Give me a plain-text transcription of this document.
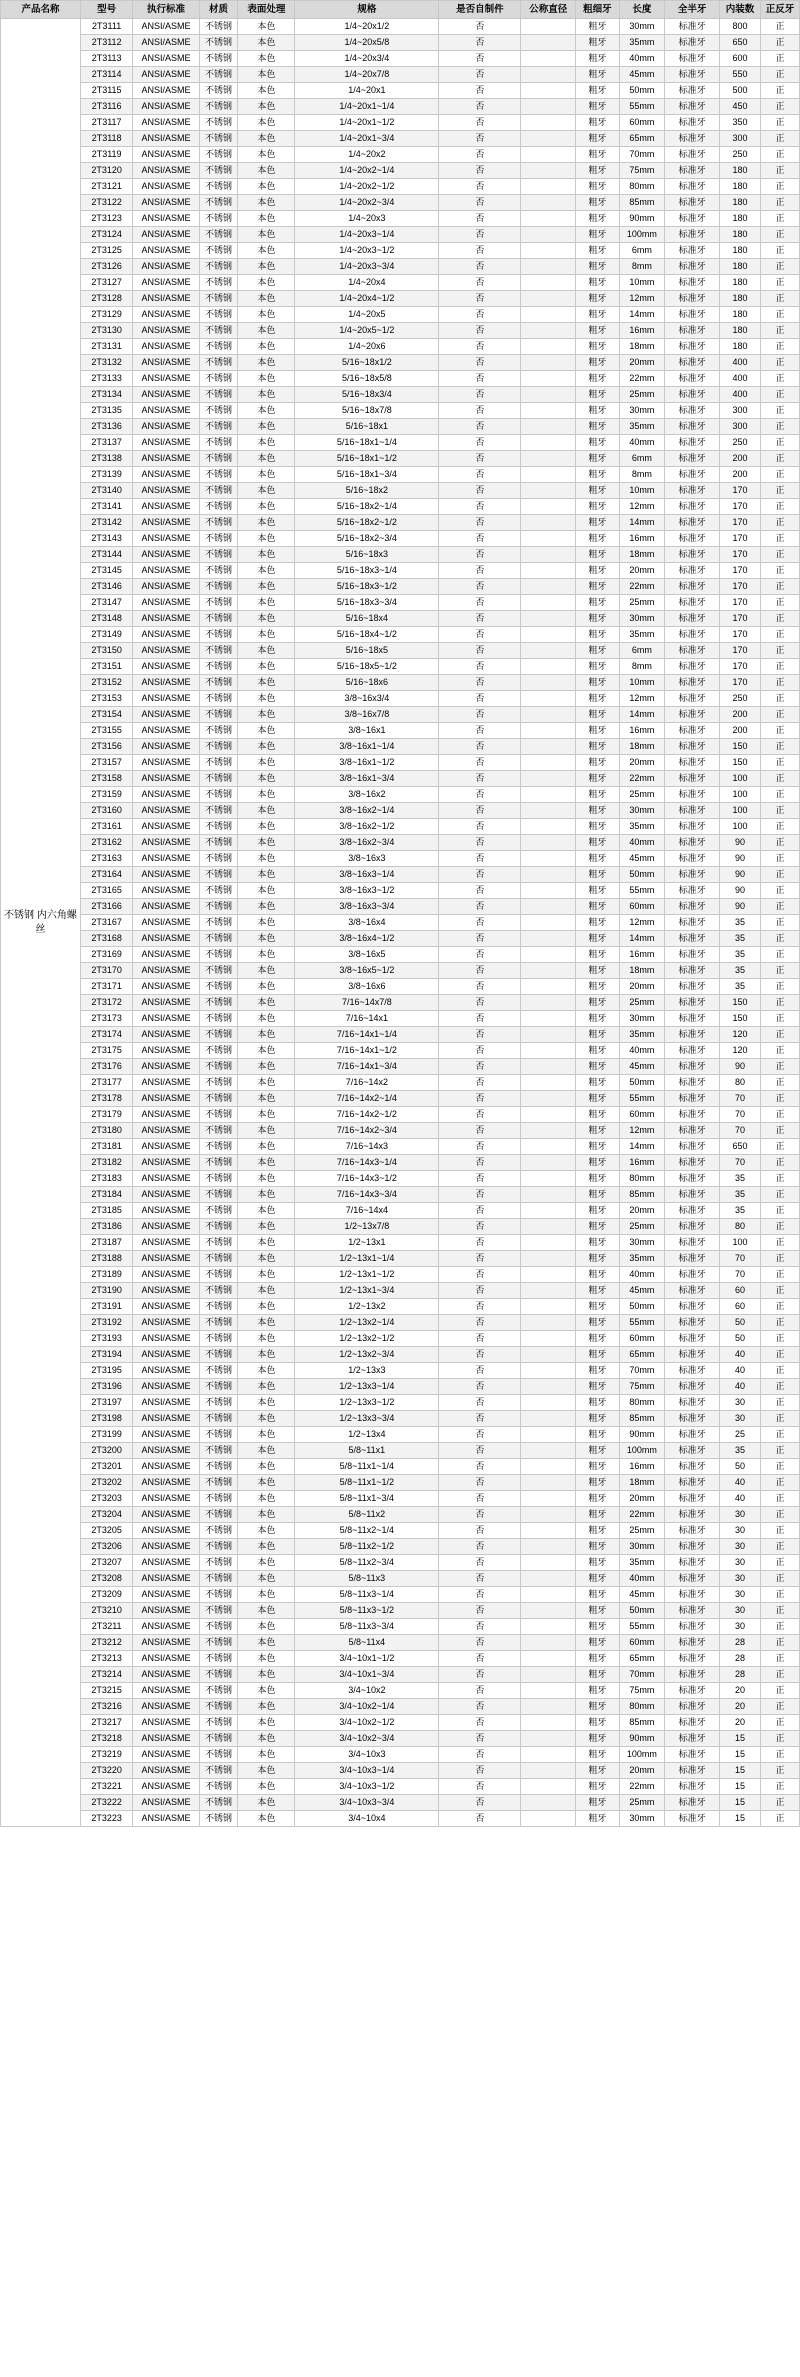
产品名称	型号	执行标准	材质	表面处理	规格	是否自制件	公称直径	粗细牙	长度	全半牙	内装数	正反牙
不锈钢 内六角螺丝	2T3111	ANSI/ASME	不锈钢	本色	1/4~20x1/2	否		粗牙	30mm	标准牙	800	正
	2T3112	ANSI/ASME	不锈钢	本色	1/4~20x5/8	否		粗牙	35mm	标准牙	650	正
	2T3113	ANSI/ASME	不锈钢	本色	1/4~20x3/4	否		粗牙	40mm	标准牙	600	正
	2T3114	ANSI/ASME	不锈钢	本色	1/4~20x7/8	否		粗牙	45mm	标准牙	550	正
	2T3115	ANSI/ASME	不锈钢	本色	1/4~20x1	否		粗牙	50mm	标准牙	500	正
	2T3116	ANSI/ASME	不锈钢	本色	1/4~20x1~1/4	否		粗牙	55mm	标准牙	450	正
	2T3117	ANSI/ASME	不锈钢	本色	1/4~20x1~1/2	否		粗牙	60mm	标准牙	350	正
	2T3118	ANSI/ASME	不锈钢	本色	1/4~20x1~3/4	否		粗牙	65mm	标准牙	300	正
	2T3119	ANSI/ASME	不锈钢	本色	1/4~20x2	否		粗牙	70mm	标准牙	250	正
	2T3120	ANSI/ASME	不锈钢	本色	1/4~20x2~1/4	否		粗牙	75mm	标准牙	180	正
	2T3121	ANSI/ASME	不锈钢	本色	1/4~20x2~1/2	否		粗牙	80mm	标准牙	180	正
	2T3122	ANSI/ASME	不锈钢	本色	1/4~20x2~3/4	否		粗牙	85mm	标准牙	180	正
	2T3123	ANSI/ASME	不锈钢	本色	1/4~20x3	否		粗牙	90mm	标准牙	180	正
	2T3124	ANSI/ASME	不锈钢	本色	1/4~20x3~1/4	否		粗牙	100mm	标准牙	180	正
	2T3125	ANSI/ASME	不锈钢	本色	1/4~20x3~1/2	否		粗牙	6mm	标准牙	180	正
	2T3126	ANSI/ASME	不锈钢	本色	1/4~20x3~3/4	否		粗牙	8mm	标准牙	180	正
	2T3127	ANSI/ASME	不锈钢	本色	1/4~20x4	否		粗牙	10mm	标准牙	180	正
	2T3128	ANSI/ASME	不锈钢	本色	1/4~20x4~1/2	否		粗牙	12mm	标准牙	180	正
	2T3129	ANSI/ASME	不锈钢	本色	1/4~20x5	否		粗牙	14mm	标准牙	180	正
	2T3130	ANSI/ASME	不锈钢	本色	1/4~20x5~1/2	否		粗牙	16mm	标准牙	180	正
	2T3131	ANSI/ASME	不锈钢	本色	1/4~20x6	否		粗牙	18mm	标准牙	180	正
	2T3132	ANSI/ASME	不锈钢	本色	5/16~18x1/2	否		粗牙	20mm	标准牙	400	正
	2T3133	ANSI/ASME	不锈钢	本色	5/16~18x5/8	否		粗牙	22mm	标准牙	400	正
	2T3134	ANSI/ASME	不锈钢	本色	5/16~18x3/4	否		粗牙	25mm	标准牙	400	正
	2T3135	ANSI/ASME	不锈钢	本色	5/16~18x7/8	否		粗牙	30mm	标准牙	300	正
	2T3136	ANSI/ASME	不锈钢	本色	5/16~18x1	否		粗牙	35mm	标准牙	300	正
	2T3137	ANSI/ASME	不锈钢	本色	5/16~18x1~1/4	否		粗牙	40mm	标准牙	250	正
	2T3138	ANSI/ASME	不锈钢	本色	5/16~18x1~1/2	否		粗牙	6mm	标准牙	200	正
	2T3139	ANSI/ASME	不锈钢	本色	5/16~18x1~3/4	否		粗牙	8mm	标准牙	200	正
	2T3140	ANSI/ASME	不锈钢	本色	5/16~18x2	否		粗牙	10mm	标准牙	170	正
	2T3141	ANSI/ASME	不锈钢	本色	5/16~18x2~1/4	否		粗牙	12mm	标准牙	170	正
	2T3142	ANSI/ASME	不锈钢	本色	5/16~18x2~1/2	否		粗牙	14mm	标准牙	170	正
	2T3143	ANSI/ASME	不锈钢	本色	5/16~18x2~3/4	否		粗牙	16mm	标准牙	170	正
	2T3144	ANSI/ASME	不锈钢	本色	5/16~18x3	否		粗牙	18mm	标准牙	170	正
	2T3145	ANSI/ASME	不锈钢	本色	5/16~18x3~1/4	否		粗牙	20mm	标准牙	170	正
	2T3146	ANSI/ASME	不锈钢	本色	5/16~18x3~1/2	否		粗牙	22mm	标准牙	170	正
	2T3147	ANSI/ASME	不锈钢	本色	5/16~18x3~3/4	否		粗牙	25mm	标准牙	170	正
	2T3148	ANSI/ASME	不锈钢	本色	5/16~18x4	否		粗牙	30mm	标准牙	170	正
	2T3149	ANSI/ASME	不锈钢	本色	5/16~18x4~1/2	否		粗牙	35mm	标准牙	170	正
	2T3150	ANSI/ASME	不锈钢	本色	5/16~18x5	否		粗牙	6mm	标准牙	170	正
	2T3151	ANSI/ASME	不锈钢	本色	5/16~18x5~1/2	否		粗牙	8mm	标准牙	170	正
	2T3152	ANSI/ASME	不锈钢	本色	5/16~18x6	否		粗牙	10mm	标准牙	170	正
	2T3153	ANSI/ASME	不锈钢	本色	3/8~16x3/4	否		粗牙	12mm	标准牙	250	正
	2T3154	ANSI/ASME	不锈钢	本色	3/8~16x7/8	否		粗牙	14mm	标准牙	200	正
	2T3155	ANSI/ASME	不锈钢	本色	3/8~16x1	否		粗牙	16mm	标准牙	200	正
	2T3156	ANSI/ASME	不锈钢	本色	3/8~16x1~1/4	否		粗牙	18mm	标准牙	150	正
	2T3157	ANSI/ASME	不锈钢	本色	3/8~16x1~1/2	否		粗牙	20mm	标准牙	150	正
	2T3158	ANSI/ASME	不锈钢	本色	3/8~16x1~3/4	否		粗牙	22mm	标准牙	100	正
	2T3159	ANSI/ASME	不锈钢	本色	3/8~16x2	否		粗牙	25mm	标准牙	100	正
	2T3160	ANSI/ASME	不锈钢	本色	3/8~16x2~1/4	否		粗牙	30mm	标准牙	100	正
	2T3161	ANSI/ASME	不锈钢	本色	3/8~16x2~1/2	否		粗牙	35mm	标准牙	100	正
	2T3162	ANSI/ASME	不锈钢	本色	3/8~16x2~3/4	否		粗牙	40mm	标准牙	90	正
	2T3163	ANSI/ASME	不锈钢	本色	3/8~16x3	否		粗牙	45mm	标准牙	90	正
	2T3164	ANSI/ASME	不锈钢	本色	3/8~16x3~1/4	否		粗牙	50mm	标准牙	90	正
	2T3165	ANSI/ASME	不锈钢	本色	3/8~16x3~1/2	否		粗牙	55mm	标准牙	90	正
	2T3166	ANSI/ASME	不锈钢	本色	3/8~16x3~3/4	否		粗牙	60mm	标准牙	90	正
	2T3167	ANSI/ASME	不锈钢	本色	3/8~16x4	否		粗牙	12mm	标准牙	35	正
	2T3168	ANSI/ASME	不锈钢	本色	3/8~16x4~1/2	否		粗牙	14mm	标准牙	35	正
	2T3169	ANSI/ASME	不锈钢	本色	3/8~16x5	否		粗牙	16mm	标准牙	35	正
	2T3170	ANSI/ASME	不锈钢	本色	3/8~16x5~1/2	否		粗牙	18mm	标准牙	35	正
	2T3171	ANSI/ASME	不锈钢	本色	3/8~16x6	否		粗牙	20mm	标准牙	35	正
	2T3172	ANSI/ASME	不锈钢	本色	7/16~14x7/8	否		粗牙	25mm	标准牙	150	正
	2T3173	ANSI/ASME	不锈钢	本色	7/16~14x1	否		粗牙	30mm	标准牙	150	正
	2T3174	ANSI/ASME	不锈钢	本色	7/16~14x1~1/4	否		粗牙	35mm	标准牙	120	正
	2T3175	ANSI/ASME	不锈钢	本色	7/16~14x1~1/2	否		粗牙	40mm	标准牙	120	正
	2T3176	ANSI/ASME	不锈钢	本色	7/16~14x1~3/4	否		粗牙	45mm	标准牙	90	正
	2T3177	ANSI/ASME	不锈钢	本色	7/16~14x2	否		粗牙	50mm	标准牙	80	正
	2T3178	ANSI/ASME	不锈钢	本色	7/16~14x2~1/4	否		粗牙	55mm	标准牙	70	正
	2T3179	ANSI/ASME	不锈钢	本色	7/16~14x2~1/2	否		粗牙	60mm	标准牙	70	正
	2T3180	ANSI/ASME	不锈钢	本色	7/16~14x2~3/4	否		粗牙	12mm	标准牙	70	正
	2T3181	ANSI/ASME	不锈钢	本色	7/16~14x3	否		粗牙	14mm	标准牙	650	正
	2T3182	ANSI/ASME	不锈钢	本色	7/16~14x3~1/4	否		粗牙	16mm	标准牙	70	正
	2T3183	ANSI/ASME	不锈钢	本色	7/16~14x3~1/2	否		粗牙	80mm	标准牙	35	正
	2T3184	ANSI/ASME	不锈钢	本色	7/16~14x3~3/4	否		粗牙	85mm	标准牙	35	正
	2T3185	ANSI/ASME	不锈钢	本色	7/16~14x4	否		粗牙	20mm	标准牙	35	正
	2T3186	ANSI/ASME	不锈钢	本色	1/2~13x7/8	否		粗牙	25mm	标准牙	80	正
	2T3187	ANSI/ASME	不锈钢	本色	1/2~13x1	否		粗牙	30mm	标准牙	100	正
	2T3188	ANSI/ASME	不锈钢	本色	1/2~13x1~1/4	否		粗牙	35mm	标准牙	70	正
	2T3189	ANSI/ASME	不锈钢	本色	1/2~13x1~1/2	否		粗牙	40mm	标准牙	70	正
	2T3190	ANSI/ASME	不锈钢	本色	1/2~13x1~3/4	否		粗牙	45mm	标准牙	60	正
	2T3191	ANSI/ASME	不锈钢	本色	1/2~13x2	否		粗牙	50mm	标准牙	60	正
	2T3192	ANSI/ASME	不锈钢	本色	1/2~13x2~1/4	否		粗牙	55mm	标准牙	50	正
	2T3193	ANSI/ASME	不锈钢	本色	1/2~13x2~1/2	否		粗牙	60mm	标准牙	50	正
	2T3194	ANSI/ASME	不锈钢	本色	1/2~13x2~3/4	否		粗牙	65mm	标准牙	40	正
	2T3195	ANSI/ASME	不锈钢	本色	1/2~13x3	否		粗牙	70mm	标准牙	40	正
	2T3196	ANSI/ASME	不锈钢	本色	1/2~13x3~1/4	否		粗牙	75mm	标准牙	40	正
	2T3197	ANSI/ASME	不锈钢	本色	1/2~13x3~1/2	否		粗牙	80mm	标准牙	30	正
	2T3198	ANSI/ASME	不锈钢	本色	1/2~13x3~3/4	否		粗牙	85mm	标准牙	30	正
	2T3199	ANSI/ASME	不锈钢	本色	1/2~13x4	否		粗牙	90mm	标准牙	25	正
	2T3200	ANSI/ASME	不锈钢	本色	5/8~11x1	否		粗牙	100mm	标准牙	35	正
	2T3201	ANSI/ASME	不锈钢	本色	5/8~11x1~1/4	否		粗牙	16mm	标准牙	50	正
	2T3202	ANSI/ASME	不锈钢	本色	5/8~11x1~1/2	否		粗牙	18mm	标准牙	40	正
	2T3203	ANSI/ASME	不锈钢	本色	5/8~11x1~3/4	否		粗牙	20mm	标准牙	40	正
	2T3204	ANSI/ASME	不锈钢	本色	5/8~11x2	否		粗牙	22mm	标准牙	30	正
	2T3205	ANSI/ASME	不锈钢	本色	5/8~11x2~1/4	否		粗牙	25mm	标准牙	30	正
	2T3206	ANSI/ASME	不锈钢	本色	5/8~11x2~1/2	否		粗牙	30mm	标准牙	30	正
	2T3207	ANSI/ASME	不锈钢	本色	5/8~11x2~3/4	否		粗牙	35mm	标准牙	30	正
	2T3208	ANSI/ASME	不锈钢	本色	5/8~11x3	否		粗牙	40mm	标准牙	30	正
	2T3209	ANSI/ASME	不锈钢	本色	5/8~11x3~1/4	否		粗牙	45mm	标准牙	30	正
	2T3210	ANSI/ASME	不锈钢	本色	5/8~11x3~1/2	否		粗牙	50mm	标准牙	30	正
	2T3211	ANSI/ASME	不锈钢	本色	5/8~11x3~3/4	否		粗牙	55mm	标准牙	30	正
	2T3212	ANSI/ASME	不锈钢	本色	5/8~11x4	否		粗牙	60mm	标准牙	28	正
	2T3213	ANSI/ASME	不锈钢	本色	3/4~10x1~1/2	否		粗牙	65mm	标准牙	28	正
	2T3214	ANSI/ASME	不锈钢	本色	3/4~10x1~3/4	否		粗牙	70mm	标准牙	28	正
	2T3215	ANSI/ASME	不锈钢	本色	3/4~10x2	否		粗牙	75mm	标准牙	20	正
	2T3216	ANSI/ASME	不锈钢	本色	3/4~10x2~1/4	否		粗牙	80mm	标准牙	20	正
	2T3217	ANSI/ASME	不锈钢	本色	3/4~10x2~1/2	否		粗牙	85mm	标准牙	20	正
	2T3218	ANSI/ASME	不锈钢	本色	3/4~10x2~3/4	否		粗牙	90mm	标准牙	15	正
	2T3219	ANSI/ASME	不锈钢	本色	3/4~10x3	否		粗牙	100mm	标准牙	15	正
	2T3220	ANSI/ASME	不锈钢	本色	3/4~10x3~1/4	否		粗牙	20mm	标准牙	15	正
	2T3221	ANSI/ASME	不锈钢	本色	3/4~10x3~1/2	否		粗牙	22mm	标准牙	15	正
	2T3222	ANSI/ASME	不锈钢	本色	3/4~10x3~3/4	否		粗牙	25mm	标准牙	15	正
	2T3223	ANSI/ASME	不锈钢	本色	3/4~10x4	否		粗牙	30mm	标准牙	15	正
